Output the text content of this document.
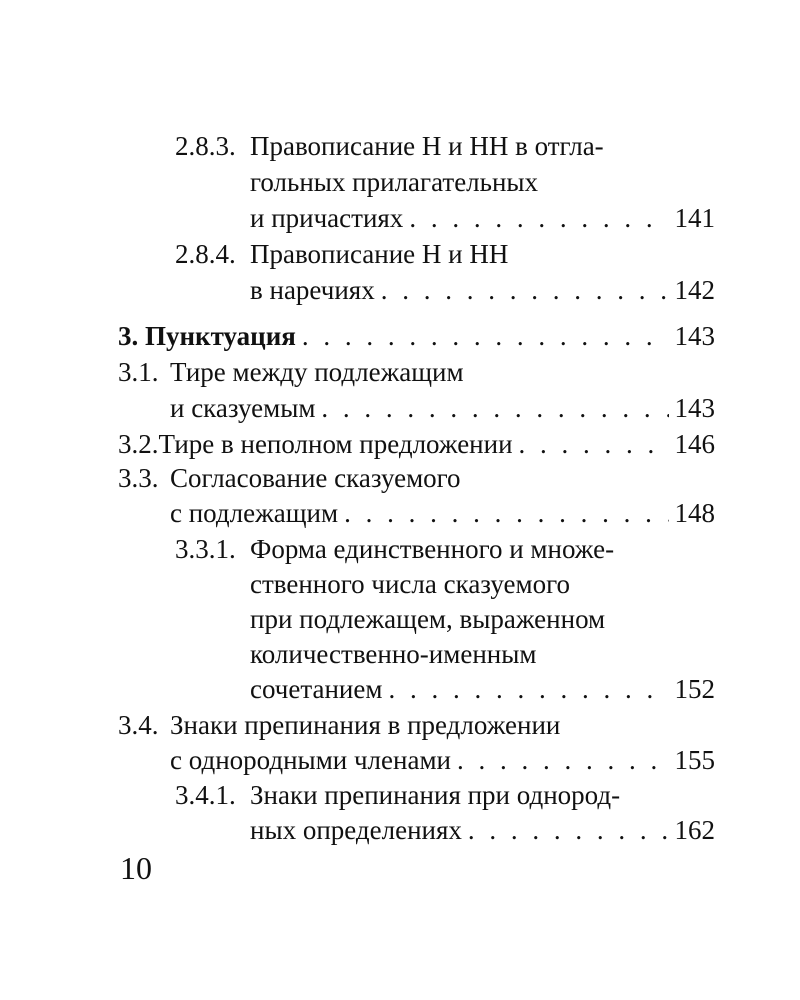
2.8.3. Правописание Н и НН в отгла-
гольных прилагательных
и причастиях . . .	141
2.8.4. Правописание Н и НН
в наречиях . . .	142
3. Пунктуация . . .	143
3.1. Тире между подлежащим
и сказуемым . . .	143
3.2. Тире в неполном предложении . . .	146
3.3. Согласование сказуемого
с подлежащим . . .	148
3.3.1. Форма единственного и множе-
ственного числа сказуемого
при подлежащем, выраженном
количественно-именным
сочетанием . . .	152
3.4. Знаки препинания в предложении
с однородными членами . . .	155
3.4.1. Знаки препинания при однород-
ных определениях . . .	162
10
